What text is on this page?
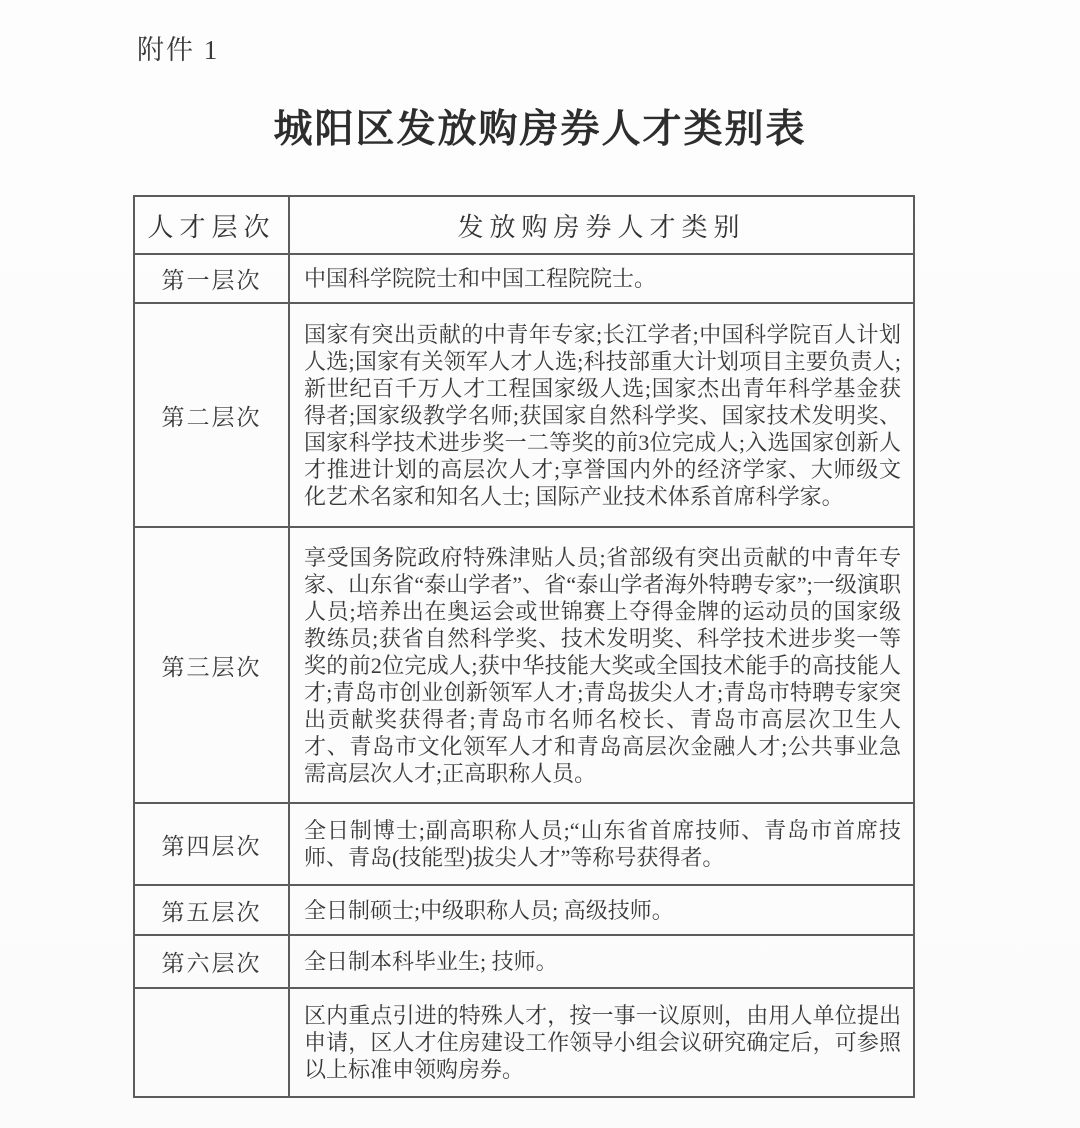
附件 1
城阳区发放购房券人才类别表
人才层次	发放购房券人才类别
第一层次	中国科学院院士和中国工程院院士。
第二层次	国家有突出贡献的中青年专家;长江学者;中国科学院百人计划人选;国家有关领军人才人选;科技部重大计划项目主要负责人;新世纪百千万人才工程国家级人选;国家杰出青年科学基金获得者;国家级教学名师;获国家自然科学奖、国家技术发明奖、国家科学技术进步奖一二等奖的前3位完成人;入选国家创新人才推进计划的高层次人才;享誉国内外的经济学家、大师级文化艺术名家和知名人士; 国际产业技术体系首席科学家。
第三层次	享受国务院政府特殊津贴人员;省部级有突出贡献的中青年专家、山东省“泰山学者”、省“泰山学者海外特聘专家”;一级演职人员;培养出在奥运会或世锦赛上夺得金牌的运动员的国家级教练员;获省自然科学奖、技术发明奖、科学技术进步奖一等奖的前2位完成人;获中华技能大奖或全国技术能手的高技能人才;青岛市创业创新领军人才;青岛拔尖人才;青岛市特聘专家突出贡献奖获得者;青岛市名师名校长、青岛市高层次卫生人才、青岛市文化领军人才和青岛高层次金融人才;公共事业急需高层次人才;正高职称人员。
第四层次	全日制博士;副高职称人员;“山东省首席技师、青岛市首席技师、青岛(技能型)拔尖人才”等称号获得者。
第五层次	全日制硕士;中级职称人员; 高级技师。
第六层次	全日制本科毕业生; 技师。
	区内重点引进的特殊人才，按一事一议原则，由用人单位提出申请，区人才住房建设工作领导小组会议研究确定后，可参照以上标准申领购房券。
